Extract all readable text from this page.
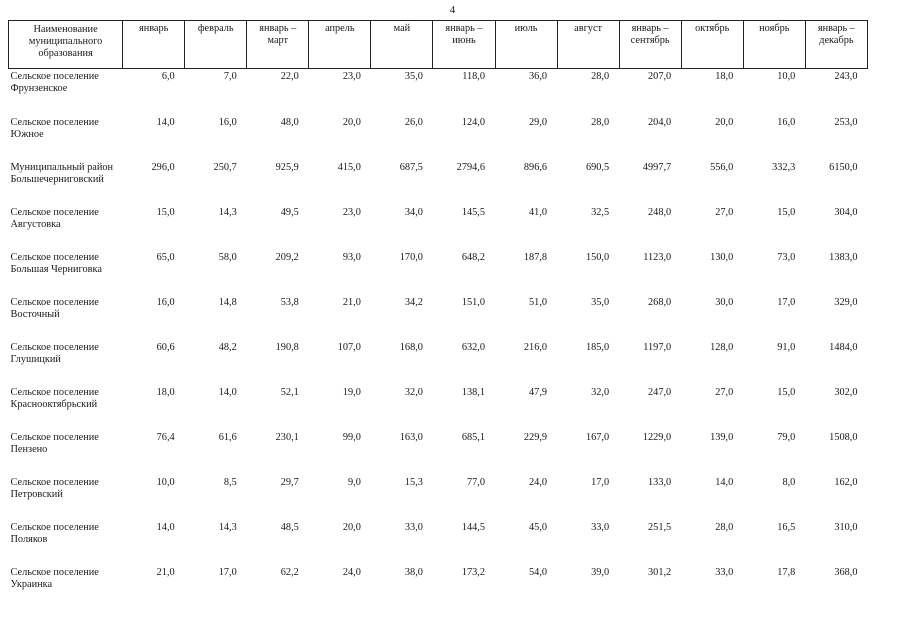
4
Наименование муниципального образования	январь	февраль	январь – март	апрель	май	январь – июнь	июль	август	январь – сентябрь	октябрь	ноябрь	январь – декабрь

Сельское поселение
Фрунзенское	6,0	7,0	22,0	23,0	35,0	118,0	36,0	28,0	207,0	18,0	10,0	243,0

Сельское поселение
Южное	14,0	16,0	48,0	20,0	26,0	124,0	29,0	28,0	204,0	20,0	16,0	253,0

Муниципальный район
Большечерниговский	296,0	250,7	925,9	415,0	687,5	2794,6	896,6	690,5	4997,7	556,0	332,3	6150,0

Сельское поселение
Августовка	15,0	14,3	49,5	23,0	34,0	145,5	41,0	32,5	248,0	27,0	15,0	304,0

Сельское поселение
Большая Черниговка	65,0	58,0	209,2	93,0	170,0	648,2	187,8	150,0	1123,0	130,0	73,0	1383,0

Сельское поселение
Восточный	16,0	14,8	53,8	21,0	34,2	151,0	51,0	35,0	268,0	30,0	17,0	329,0

Сельское поселение
Глушицкий	60,6	48,2	190,8	107,0	168,0	632,0	216,0	185,0	1197,0	128,0	91,0	1484,0

Сельское поселение
Краснооктябрьский	18,0	14,0	52,1	19,0	32,0	138,1	47,9	32,0	247,0	27,0	15,0	302,0

Сельское поселение
Пензено	76,4	61,6	230,1	99,0	163,0	685,1	229,9	167,0	1229,0	139,0	79,0	1508,0

Сельское поселение
Петровский	10,0	8,5	29,7	9,0	15,3	77,0	24,0	17,0	133,0	14,0	8,0	162,0

Сельское поселение
Поляков	14,0	14,3	48,5	20,0	33,0	144,5	45,0	33,0	251,5	28,0	16,5	310,0

Сельское поселение
Украинка	21,0	17,0	62,2	24,0	38,0	173,2	54,0	39,0	301,2	33,0	17,8	368,0
